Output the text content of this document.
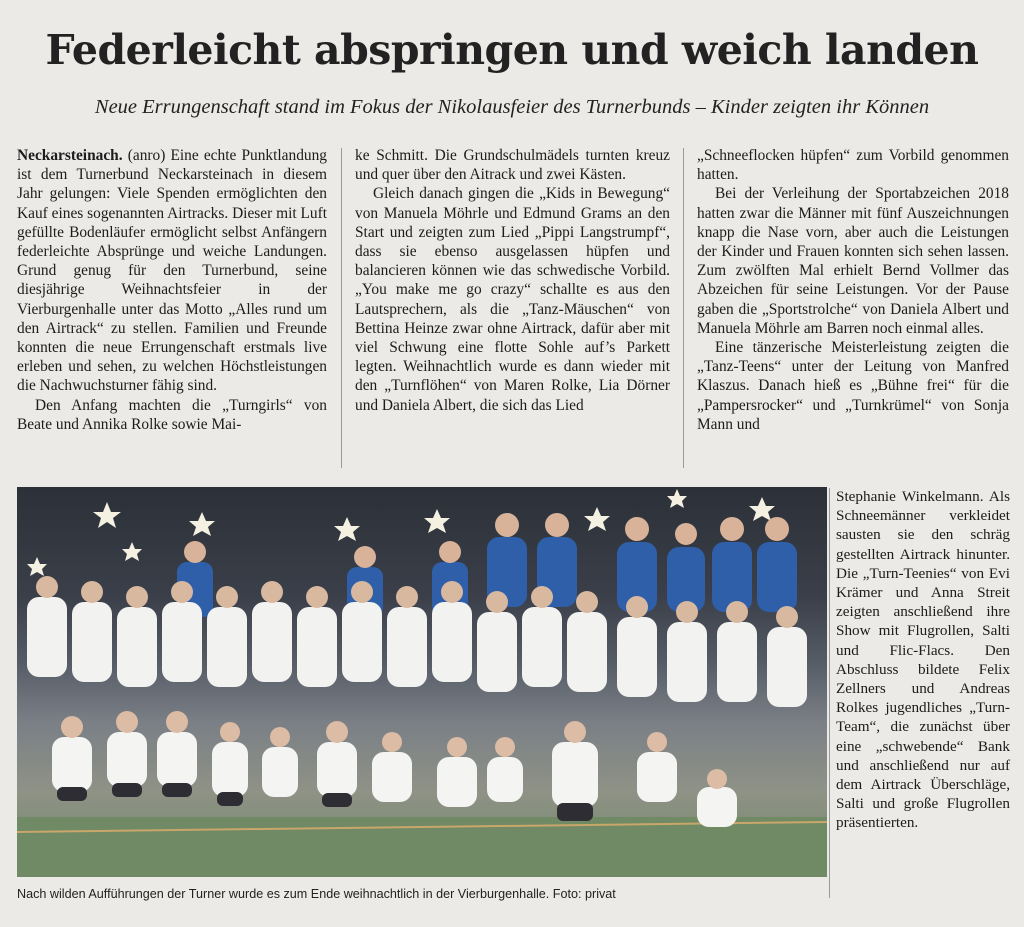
Federleicht abspringen und weich landen
Neue Errungenschaft stand im Fokus der Nikolausfeier des Turnerbunds – Kinder zeigten ihr Können

Neckarsteinach. (anro) Eine echte Punktlandung ist dem Turnerbund Neckarsteinach in diesem Jahr gelungen: Viele Spenden ermöglichten den Kauf eines sogenannten Airtracks. Dieser mit Luft gefüllte Bodenläufer ermöglicht selbst Anfängern federleichte Absprünge und weiche Landungen. Grund genug für den Turnerbund, seine diesjährige Weihnachtsfeier in der Vierburgenhalle unter das Motto „Alles rund um den Airtrack“ zu stellen. Familien und Freunde konnten die neue Errungenschaft erstmals live erleben und sehen, zu welchen Höchstleistungen die Nachwuchsturner fähig sind.

Den Anfang machten die „Turngirls“ von Beate und Annika Rolke sowie Mai-

ke Schmitt. Die Grundschulmädels turnten kreuz und quer über den Aitrack und zwei Kästen.

Gleich danach gingen die „Kids in Bewegung“ von Manuela Möhrle und Edmund Grams an den Start und zeigten zum Lied „Pippi Langstrumpf“, dass sie ebenso ausgelassen hüpfen und balancieren können wie das schwedische Vorbild. „You make me go crazy“ schallte es aus den Lautsprechern, als die „Tanz-Mäuschen“ von Bettina Heinze zwar ohne Airtrack, dafür aber mit viel Schwung eine flotte Sohle auf’s Parkett legten. Weihnachtlich wurde es dann wieder mit den „Turnflöhen“ von Maren Rolke, Lia Dörner und Daniela Albert, die sich das Lied

„Schneeflocken hüpfen“ zum Vorbild genommen hatten.

Bei der Verleihung der Sportabzeichen 2018 hatten zwar die Männer mit fünf Auszeichnungen knapp die Nase vorn, aber auch die Leistungen der Kinder und Frauen konnten sich sehen lassen. Zum zwölften Mal erhielt Bernd Vollmer das Abzeichen für seine Leistungen. Vor der Pause gaben die „Sportstrolche“ von Daniela Albert und Manuela Möhrle am Barren noch einmal alles.

Eine tänzerische Meisterleistung zeigten die „Tanz-Teens“ unter der Leitung von Manfred Klaszus. Danach hieß es „Bühne frei“ für die „Pampersrocker“ und „Turnkrümel“ von Sonja Mann und

Stephanie Winkelmann. Als Schneemänner verkleidet sausten sie den schräg gestellten Airtrack hinunter. Die „Turn-Teenies“ von Evi Krämer und Anna Streit zeigten anschließend ihre Show mit Flugrollen, Salti und Flic-Flacs. Den Abschluss bildete Felix Zellners und Andreas Rolkes jugendliches „Turn-Team“, die zunächst über eine „schwebende“ Bank und anschließend nur auf dem Airtrack Überschläge, Salti und große Flugrollen präsentierten.

Nach wilden Aufführungen der Turner wurde es zum Ende weihnachtlich in der Vierburgenhalle. Foto: privat
